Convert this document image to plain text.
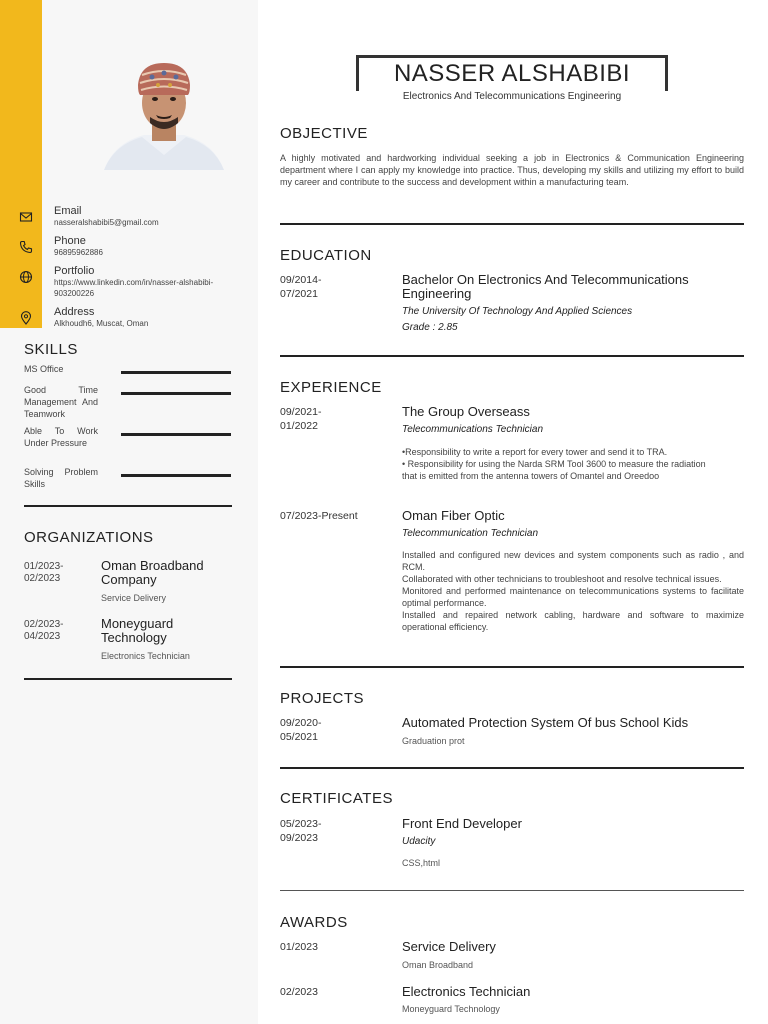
Email
nasseralshabibi5@gmail.com
Phone
96895962886
Portfolio
https://www.linkedin.com/in/nasser-alshabibi-903200226
Address
Alkhoudh6, Muscat, Oman
SKILLS
MS Office
Good Time Management And Teamwork
Able To Work Under Pressure
Solving Problem Skills
ORGANIZATIONS
01/2023- 02/2023
Oman Broadband Company
Service Delivery
02/2023- 04/2023
Moneyguard Technology
Electronics Technician
NASSER ALSHABIBI
Electronics And Telecommunications Engineering
OBJECTIVE
A highly motivated and hardworking individual seeking a job in Electronics & Communication Engineering department where I can apply my knowledge into practice. Thus, developing my skills and utilizing my effort to build my career and contribute to the success and development within a manufacturing team.
EDUCATION
09/2014- 07/2021
Bachelor On Electronics And Telecommunications Engineering
The University Of Technology And Applied Sciences
Grade : 2.85
EXPERIENCE
09/2021- 01/2022
The Group Overseass
Telecommunications Technician
•Responsibility to write a report for every tower and send it to TRA.
• Responsibility for using the Narda SRM Tool 3600 to measure the radiation
that is emitted from the antenna towers of Omantel and Oreedoo
07/2023-Present	Oman Fiber Optic
Telecommunication Technician
Installed and configured new devices and system components such as radio , and RCM.
Collaborated with other technicians to troubleshoot and resolve technical issues.
Monitored and performed maintenance on telecommunications systems to facilitate optimal performance.
Installed and repaired network cabling, hardware and software to maximize operational efficiency.
PROJECTS
09/2020- 05/2021
Automated Protection System Of bus School Kids
Graduation prot
CERTIFICATES
05/2023- 09/2023
Front End Developer
Udacity
CSS,html
AWARDS
01/2023	Service Delivery
Oman Broadband
02/2023	Electronics Technician
Moneyguard Technology
